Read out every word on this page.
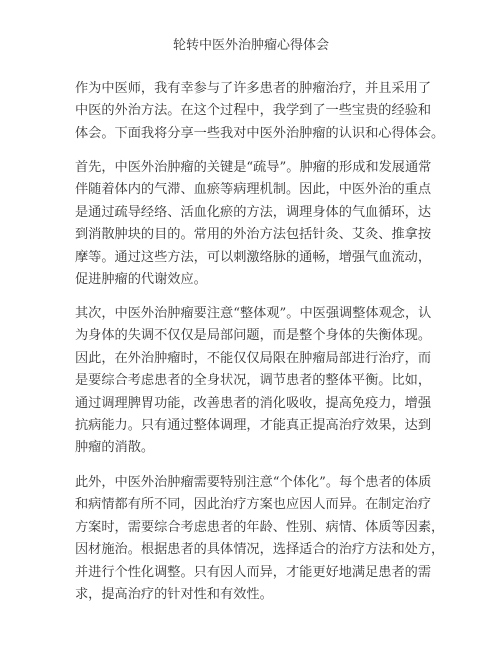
轮转中医外治肿瘤心得体会
作为中医师，我有幸参与了许多患者的肿瘤治疗，并且采用了
中医的外治方法。在这个过程中，我学到了一些宝贵的经验和
体会。下面我将分享一些我对中医外治肿瘤的认识和心得体会。
首先，中医外治肿瘤的关键是“疏导”。肿瘤的形成和发展通常
伴随着体内的气滞、血瘀等病理机制。因此，中医外治的重点
是通过疏导经络、活血化瘀的方法，调理身体的气血循环，达
到消散肿块的目的。常用的外治方法包括针灸、艾灸、推拿按
摩等。通过这些方法，可以刺激络脉的通畅，增强气血流动，
促进肿瘤的代谢效应。
其次，中医外治肿瘤要注意“整体观”。中医强调整体观念，认
为身体的失调不仅仅是局部问题，而是整个身体的失衡体现。
因此，在外治肿瘤时，不能仅仅局限在肿瘤局部进行治疗，而
是要综合考虑患者的全身状况，调节患者的整体平衡。比如，
通过调理脾胃功能，改善患者的消化吸收，提高免疫力，增强
抗病能力。只有通过整体调理，才能真正提高治疗效果，达到
肿瘤的消散。
此外，中医外治肿瘤需要特别注意“个体化”。每个患者的体质
和病情都有所不同，因此治疗方案也应因人而异。在制定治疗
方案时，需要综合考虑患者的年龄、性别、病情、体质等因素，
因材施治。根据患者的具体情况，选择适合的治疗方法和处方，
并进行个性化调整。只有因人而异，才能更好地满足患者的需
求，提高治疗的针对性和有效性。
